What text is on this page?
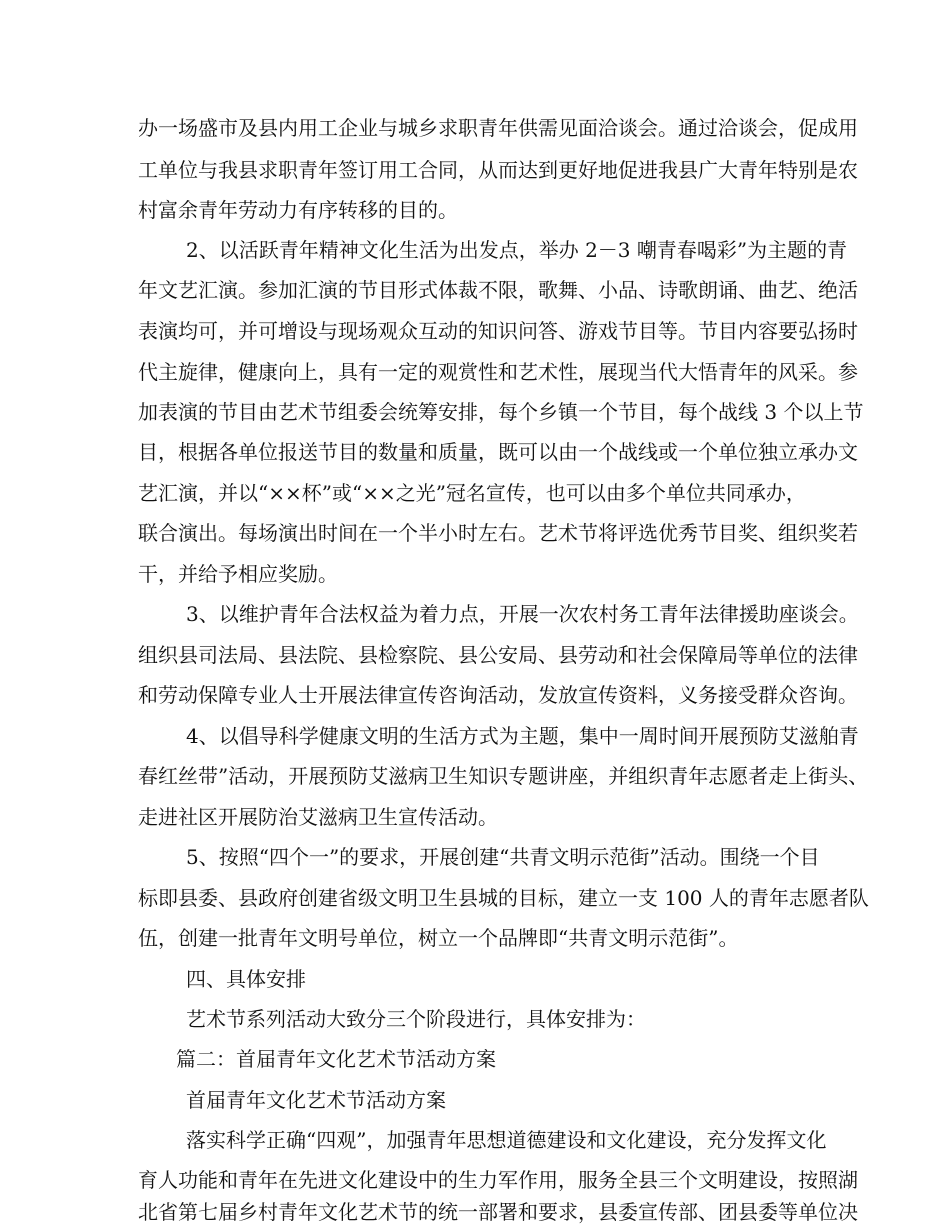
办一场盛市及县内用工企业与城乡求职青年供需见面洽谈会。通过洽谈会，促成用
工单位与我县求职青年签订用工合同，从而达到更好地促进我县广大青年特别是农
村富余青年劳动力有序转移的目的。
2、以活跃青年精神文化生活为出发点，举办 2－3 嘲青春喝彩”为主题的青
年文艺汇演。参加汇演的节目形式体裁不限，歌舞、小品、诗歌朗诵、曲艺、绝活
表演均可，并可增设与现场观众互动的知识问答、游戏节目等。节目内容要弘扬时
代主旋律，健康向上，具有一定的观赏性和艺术性，展现当代大悟青年的风采。参
加表演的节目由艺术节组委会统筹安排，每个乡镇一个节目，每个战线 3 个以上节
目，根据各单位报送节目的数量和质量，既可以由一个战线或一个单位独立承办文
艺汇演，并以“××杯”或“××之光”冠名宣传，也可以由多个单位共同承办，
联合演出。每场演出时间在一个半小时左右。艺术节将评选优秀节目奖、组织奖若
干，并给予相应奖励。
3、以维护青年合法权益为着力点，开展一次农村务工青年法律援助座谈会。
组织县司法局、县法院、县检察院、县公安局、县劳动和社会保障局等单位的法律
和劳动保障专业人士开展法律宣传咨询活动，发放宣传资料，义务接受群众咨询。
4、以倡导科学健康文明的生活方式为主题，集中一周时间开展预防艾滋舶青
春红丝带”活动，开展预防艾滋病卫生知识专题讲座，并组织青年志愿者走上街头、
走进社区开展防治艾滋病卫生宣传活动。
5、按照“四个一”的要求，开展创建“共青文明示范街”活动。围绕一个目
标即县委、县政府创建省级文明卫生县城的目标，建立一支 100 人的青年志愿者队
伍，创建一批青年文明号单位，树立一个品牌即“共青文明示范街”。
四、具体安排
艺术节系列活动大致分三个阶段进行，具体安排为：
篇二：首届青年文化艺术节活动方案
首届青年文化艺术节活动方案
落实科学正确“四观”，加强青年思想道德建设和文化建设，充分发挥文化
育人功能和青年在先进文化建设中的生力军作用，服务全县三个文明建设，按照湖
北省第七届乡村青年文化艺术节的统一部署和要求，县委宣传部、团县委等单位决
